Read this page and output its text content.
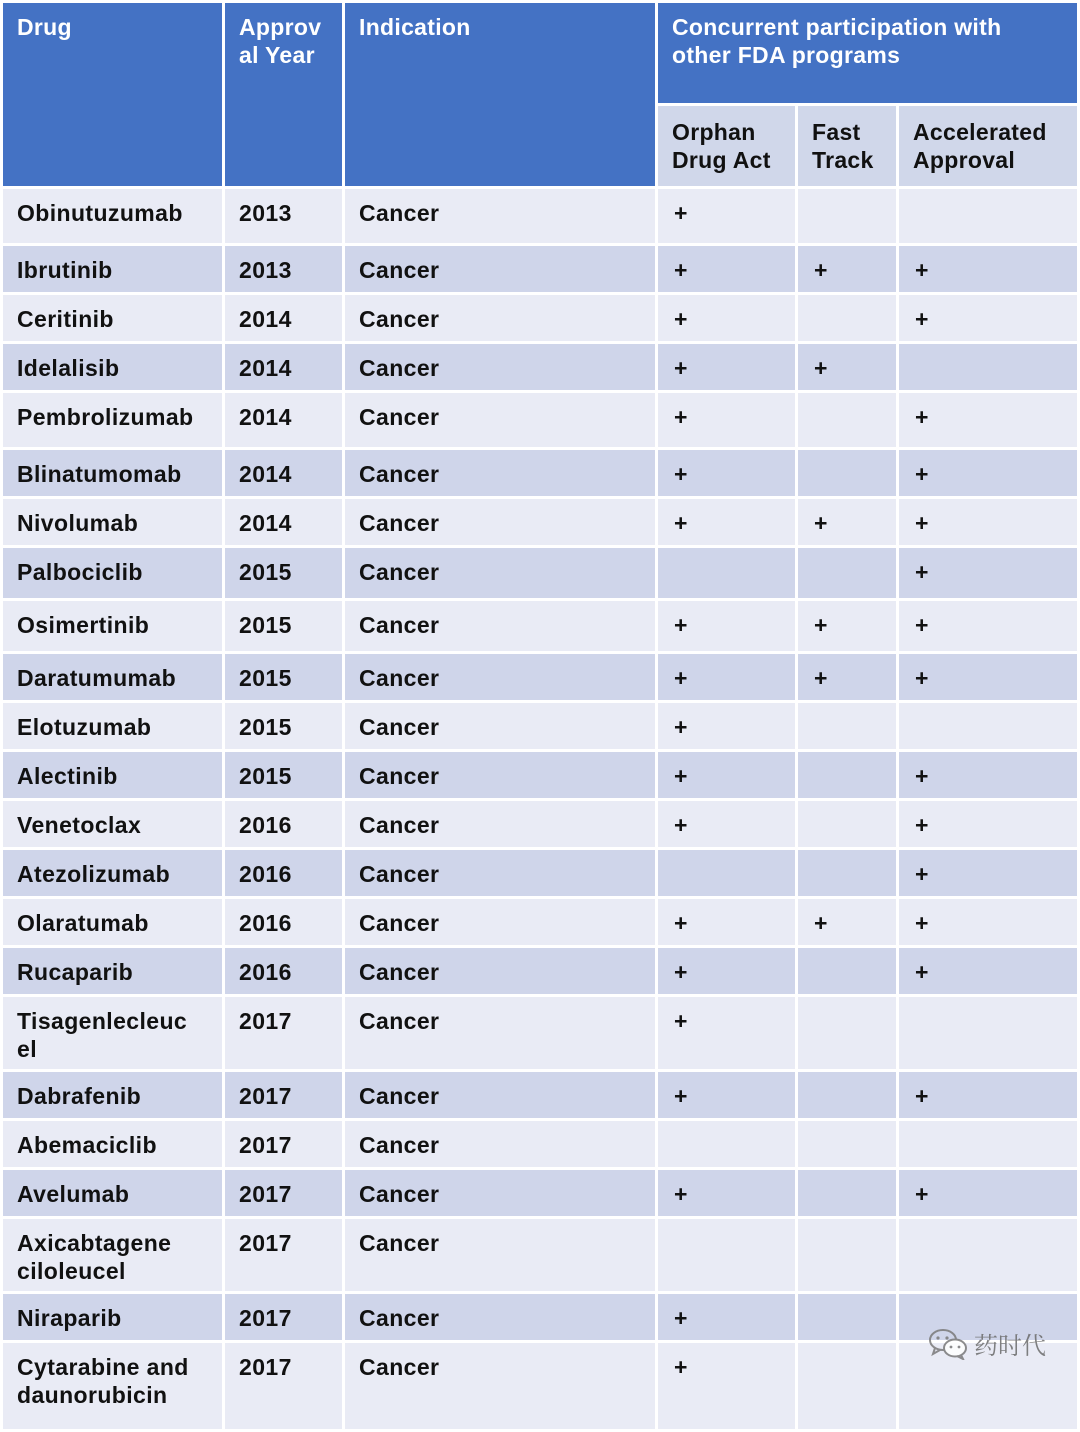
Drug	Approv al Year	Indication	Concurrent participation with other FDA programs		
			Orphan Drug Act	Fast Track	Accelerated Approval
Obinutuzumab	2013	Cancer	+		
Ibrutinib	2013	Cancer	+	+	+
Ceritinib	2014	Cancer	+		+
Idelalisib	2014	Cancer	+	+	
Pembrolizumab	2014	Cancer	+		+
Blinatumomab	2014	Cancer	+		+
Nivolumab	2014	Cancer	+	+	+
Palbociclib	2015	Cancer			+
Osimertinib	2015	Cancer	+	+	+
Daratumumab	2015	Cancer	+	+	+
Elotuzumab	2015	Cancer	+		
Alectinib	2015	Cancer	+		+
Venetoclax	2016	Cancer	+		+
Atezolizumab	2016	Cancer			+
Olaratumab	2016	Cancer	+	+	+
Rucaparib	2016	Cancer	+		+
Tisagenlecleuc el	2017	Cancer	+		
Dabrafenib	2017	Cancer	+		+
Abemaciclib	2017	Cancer			
Avelumab	2017	Cancer	+		+
Axicabtagene ciloleucel	2017	Cancer			
Niraparib	2017	Cancer	+		
Cytarabine and daunorubicin	2017	Cancer	+		
药时代
